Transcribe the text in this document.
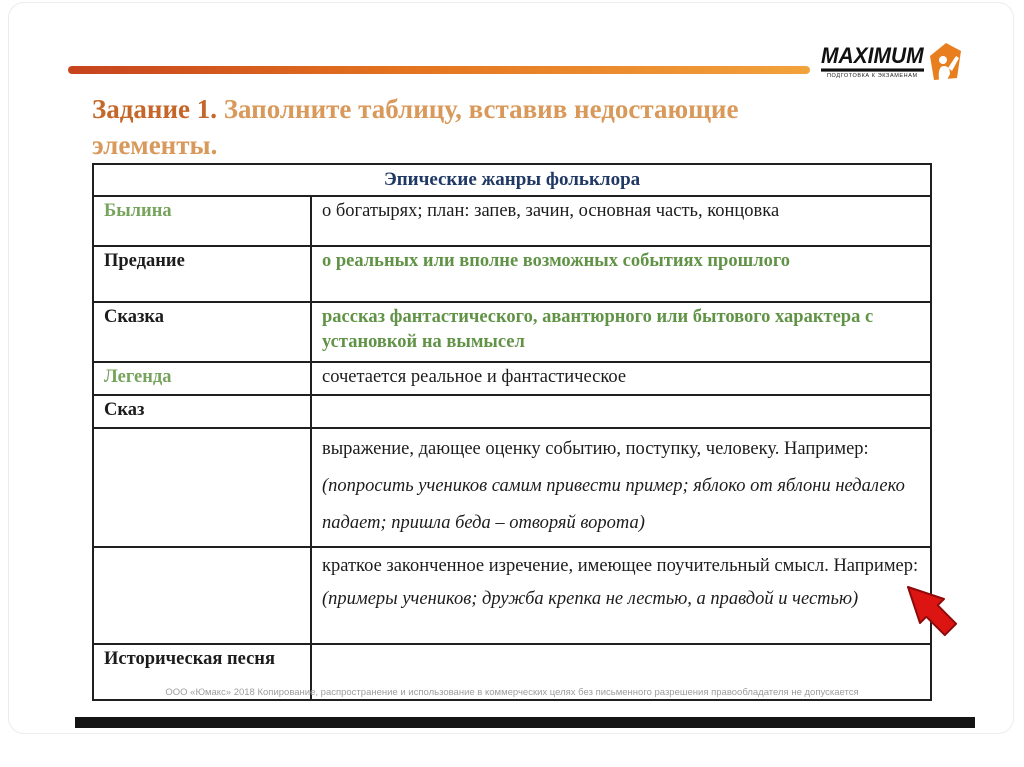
MAXIMUM
ПОДГОТОВКА К ЭКЗАМЕНАМ
Задание 1. Заполните таблицу, вставив недостающие элементы.
Эпические жанры фольклора	
Былина	о богатырях; план: запев, зачин, основная часть, концовка
Предание	о реальных или вполне возможных событиях прошлого
Сказка	рассказ фантастического, авантюрного или бытового характера с установкой на вымысел
Легенда	сочетается реальное и фантастическое
Сказ	
	выражение, дающее оценку событию, поступку, человеку. Например: (попросить учеников самим привести пример; яблоко от яблони недалеко падает; пришла беда – отворяй ворота)
	краткое законченное изречение, имеющее поучительный смысл. Например: (примеры учеников; дружба крепка не лестью, а правдой и честью)
Историческая песня	
ООО «Юмакс» 2018 Копирование, распространение и использование в коммерческих целях без письменного разрешения правообладателя не допускается
